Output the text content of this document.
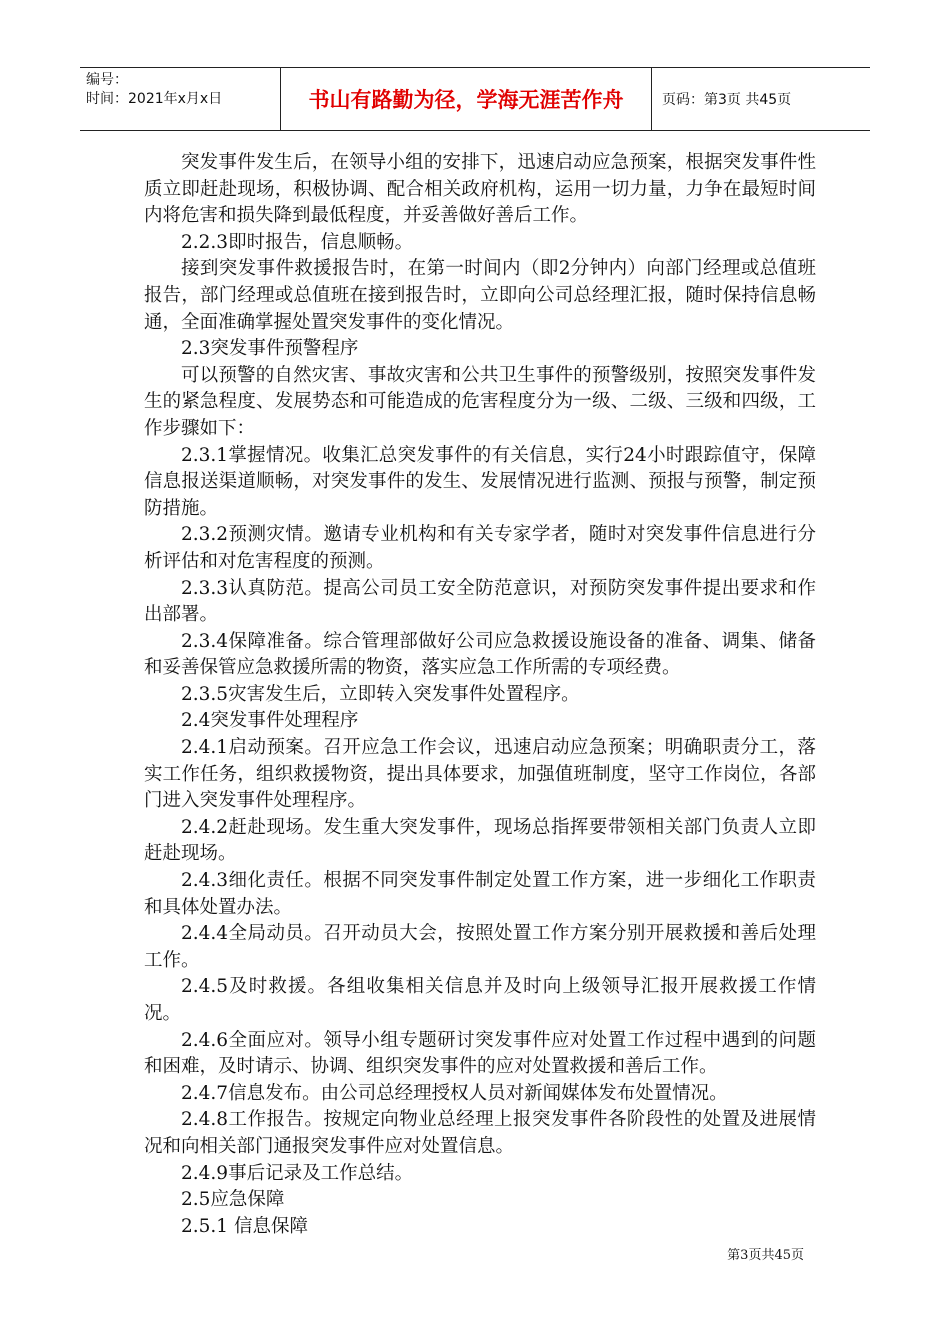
编号：
时间：2021年x月x日	书山有路勤为径，学海无涯苦作舟	页码：第3页 共45页

突发事件发生后，在领导小组的安排下，迅速启动应急预案，根据突发事件性质立即赶赴现场，积极协调、配合相关政府机构，运用一切力量，力争在最短时间内将危害和损失降到最低程度，并妥善做好善后工作。

2.2.3即时报告，信息顺畅。

接到突发事件救援报告时，在第一时间内（即2分钟内）向部门经理或总值班报告，部门经理或总值班在接到报告时，立即向公司总经理汇报，随时保持信息畅通，全面准确掌握处置突发事件的变化情况。

2.3突发事件预警程序

可以预警的自然灾害、事故灾害和公共卫生事件的预警级别，按照突发事件发生的紧急程度、发展势态和可能造成的危害程度分为一级、二级、三级和四级，工作步骤如下：

2.3.1掌握情况。收集汇总突发事件的有关信息，实行24小时跟踪值守，保障信息报送渠道顺畅，对突发事件的发生、发展情况进行监测、预报与预警，制定预防措施。

2.3.2预测灾情。邀请专业机构和有关专家学者，随时对突发事件信息进行分析评估和对危害程度的预测。

2.3.3认真防范。提高公司员工安全防范意识，对预防突发事件提出要求和作出部署。

2.3.4保障准备。综合管理部做好公司应急救援设施设备的准备、调集、储备和妥善保管应急救援所需的物资，落实应急工作所需的专项经费。

2.3.5灾害发生后，立即转入突发事件处置程序。

2.4突发事件处理程序

2.4.1启动预案。召开应急工作会议，迅速启动应急预案；明确职责分工，落实工作任务，组织救援物资，提出具体要求，加强值班制度，坚守工作岗位，各部门进入突发事件处理程序。

2.4.2赶赴现场。发生重大突发事件，现场总指挥要带领相关部门负责人立即赶赴现场。

2.4.3细化责任。根据不同突发事件制定处置工作方案，进一步细化工作职责和具体处置办法。

2.4.4全局动员。召开动员大会，按照处置工作方案分别开展救援和善后处理工作。

2.4.5及时救援。各组收集相关信息并及时向上级领导汇报开展救援工作情况。

2.4.6全面应对。领导小组专题研讨突发事件应对处置工作过程中遇到的问题和困难，及时请示、协调、组织突发事件的应对处置救援和善后工作。

2.4.7信息发布。由公司总经理授权人员对新闻媒体发布处置情况。

2.4.8工作报告。按规定向物业总经理上报突发事件各阶段性的处置及进展情况和向相关部门通报突发事件应对处置信息。

2.4.9事后记录及工作总结。

2.5应急保障

2.5.1 信息保障

第3页共45页
